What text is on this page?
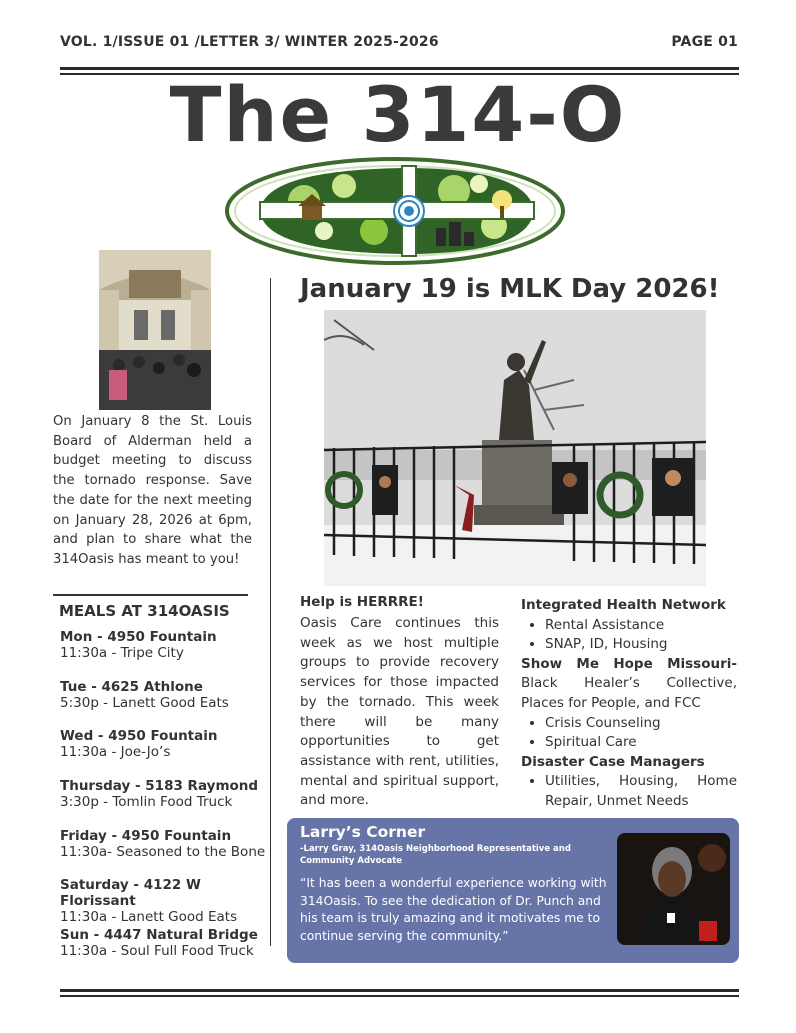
VOL. 1/ISSUE 01 /LETTER 3/ WINTER 2025-2026	PAGE 01
The 314-O
On January 8 the St. Louis Board of Alderman held a budget meeting to discuss the tornado response. Save the date for the next meeting on January 28, 2026 at 6pm, and plan to share what the 314Oasis has meant to you!
MEALS AT 314OASIS
Mon - 4950 Fountain
11:30a - Tripe City
Tue - 4625 Athlone
5:30p - Lanett Good Eats
Wed - 4950 Fountain
11:30a - Joe-Jo’s
Thursday - 5183 Raymond
3:30p - Tomlin Food Truck
Friday - 4950 Fountain
11:30a- Seasoned to the Bone
Saturday - 4122 W Florissant
11:30a - Lanett Good Eats
Sun - 4447 Natural Bridge
11:30a - Soul Full Food Truck
January 19 is MLK Day 2026!
Help is HERRRE!
Oasis Care continues this week as we host multiple groups to provide recovery services for those impacted by the tornado. This week there will be many opportunities to get assistance with rent, utilities, mental and spiritual support, and more.
Integrated Health Network
• Rental Assistance
• SNAP, ID, Housing
Show Me Hope Missouri-Black Healer’s Collective, Places for People, and FCC
• Crisis Counseling
• Spiritual Care
Disaster Case Managers
• Utilities, Housing, Home Repair, Unmet Needs
Larry’s Corner
-Larry Gray, 314Oasis Neighborhood Representative and Community Advocate
“It has been a wonderful experience working with 314Oasis. To see the dedication of Dr. Punch and his team is truly amazing and it motivates me to continue serving the community.”
